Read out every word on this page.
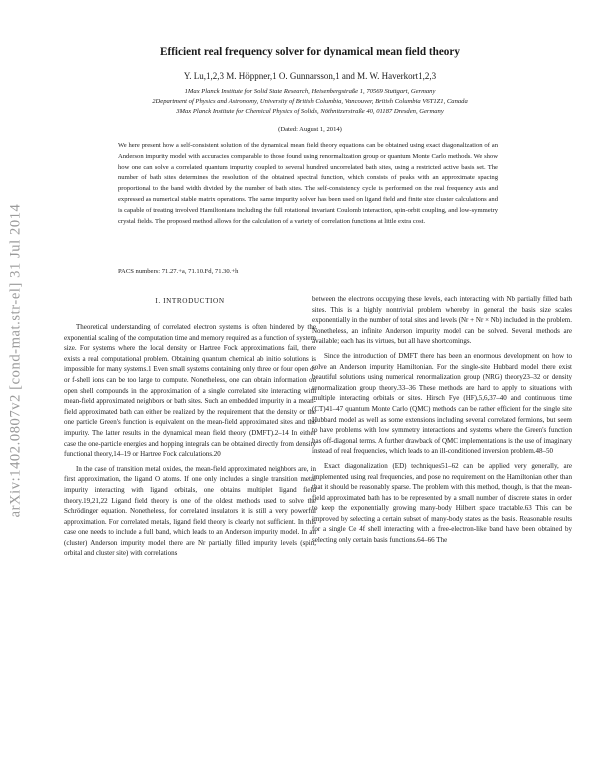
arXiv:1402.0807v2 [cond-mat.str-el] 31 Jul 2014
Efficient real frequency solver for dynamical mean field theory
Y. Lu,1,2,3 M. Höppner,1 O. Gunnarsson,1 and M. W. Haverkort1,2,3
1Max Planck Institute for Solid State Research, Heisenbergstraße 1, 70569 Stuttgart, Germany
2Department of Physics and Astronomy, University of British Columbia, Vancouver, British Columbia V6T1Z1, Canada
3Max Planck Institute for Chemical Physics of Solids, Nöthnitzerstraße 40, 01187 Dresden, Germany
(Dated: August 1, 2014)
We here present how a self-consistent solution of the dynamical mean field theory equations can be obtained using exact diagonalization of an Anderson impurity model with accuracies comparable to those found using renormalization group or quantum Monte Carlo methods. We show how one can solve a correlated quantum impurity coupled to several hundred uncorrelated bath sites, using a restricted active basis set. The number of bath sites determines the resolution of the obtained spectral function, which consists of peaks with an approximate spacing proportional to the band width divided by the number of bath sites. The self-consistency cycle is performed on the real frequency axis and expressed as numerical stable matrix operations. The same impurity solver has been used on ligand field and finite size cluster calculations and is capable of treating involved Hamiltonians including the full rotational invariant Coulomb interaction, spin-orbit coupling, and low-symmetry crystal fields. The proposed method allows for the calculation of a variety of correlation functions at little extra cost.
PACS numbers: 71.27.+a, 71.10.Fd, 71.30.+h
I. INTRODUCTION

Theoretical understanding of correlated electron systems is often hindered by the exponential scaling of the computation time and memory required as a function of system size. For systems where the local density or Hartree Fock approximations fail, there exists a real computational problem. Obtaining quantum chemical ab initio solutions is impossible for many systems.1 Even small systems containing only three or four open d- or f-shell ions can be too large to compute. Nonetheless, one can obtain information on open shell compounds in the approximation of a single correlated site interacting with mean-field approximated neighbors or bath sites. Such an embedded impurity in a mean-field approximated bath can either be realized by the requirement that the density or the one particle Green's function is equivalent on the mean-field approximated sites and the impurity. The latter results in the dynamical mean field theory (DMFT).2–14 In either case the one-particle energies and hopping integrals can be obtained directly from density functional theory,14–19 or Hartree Fock calculations.20

In the case of transition metal oxides, the mean-field approximated neighbors are, in first approximation, the ligand O atoms. If one only includes a single transition metal impurity interacting with ligand orbitals, one obtains multiplet ligand field theory.19,21,22 Ligand field theory is one of the oldest methods used to solve the Schrödinger equation. Nonetheless, for correlated insulators it is still a very powerful approximation. For correlated metals, ligand field theory is clearly not sufficient. In this case one needs to include a full band, which leads to an Anderson impurity model. In an (cluster) Anderson impurity model there are Nr partially filled impurity levels (spin, orbital and cluster site) with correlations

between the electrons occupying these levels, each interacting with Nb partially filled bath sites. This is a highly nontrivial problem whereby in general the basis size scales exponentially in the number of total sites and levels (Nr + Nr × Nb) included in the problem. Nonetheless, an infinite Anderson impurity model can be solved. Several methods are available; each has its virtues, but all have shortcomings.

Since the introduction of DMFT there has been an enormous development on how to solve an Anderson impurity Hamiltonian. For the single-site Hubbard model there exist beautiful solutions using numerical renormalization group (NRG) theory23–32 or density renormalization group theory.33–36 These methods are hard to apply to situations with multiple interacting orbitals or sites. Hirsch Fye (HF),5,6,37–40 and continuous time (CT)41–47 quantum Monte Carlo (QMC) methods can be rather efficient for the single site Hubbard model as well as some extensions including several correlated fermions, but seem to have problems with low symmetry interactions and systems where the Green's function has off-diagonal terms. A further drawback of QMC implementations is the use of imaginary instead of real frequencies, which leads to an ill-conditioned inversion problem.48–50

Exact diagonalization (ED) techniques51–62 can be applied very generally, are implemented using real frequencies, and pose no requirement on the Hamiltonian other than that it should be reasonably sparse. The problem with this method, though, is that the mean-field approximated bath has to be represented by a small number of discrete states in order to keep the exponentially growing many-body Hilbert space tractable.63 This can be improved by selecting a certain subset of many-body states as the basis. Reasonable results for a single Ce 4f shell interacting with a free-electron-like band have been obtained by selecting only certain basis functions.64–66 The
